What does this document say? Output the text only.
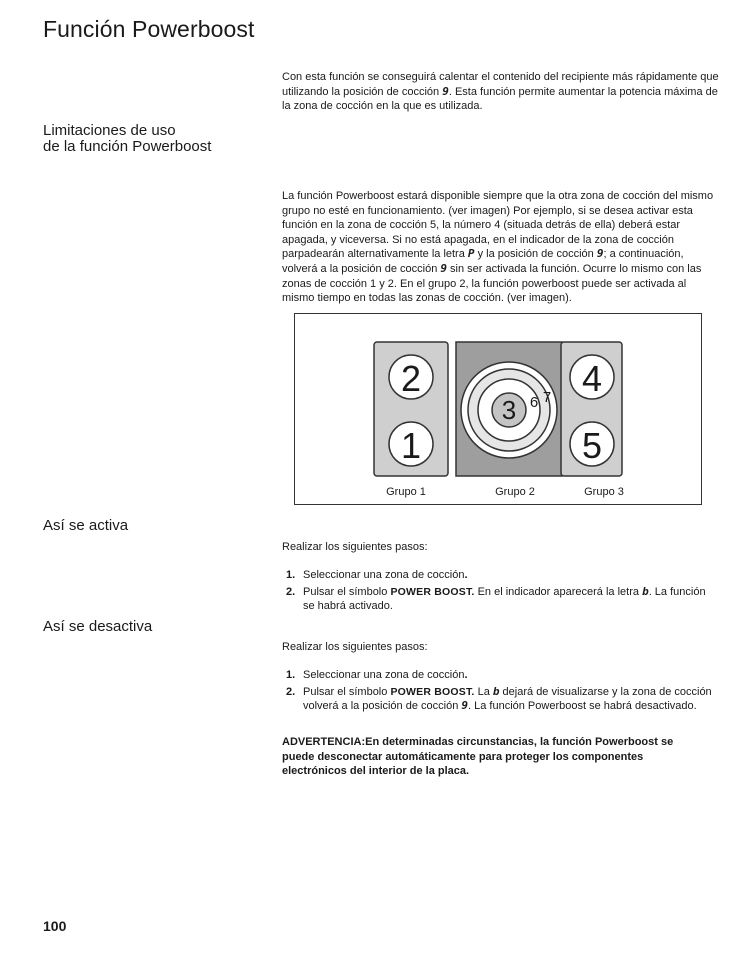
Función Powerboost

Con esta función se conseguirá calentar el contenido del recipiente más rápidamente que utilizando la posición de cocción 9. Esta función permite aumentar la potencia máxima de la zona de cocción en la que es utilizada.

Limitaciones de uso
de la función Powerboost

La función Powerboost estará disponible siempre que la otra zona de cocción del mismo grupo no esté en funcionamiento. (ver imagen) Por ejemplo, si se desea activar esta función en la zona de cocción 5, la número 4 (situada detrás de ella) deberá estar apagada, y viceversa. Si no está apagada, en el indicador de la zona de cocción parpadearán alternativamente la letra P y la posición de cocción 9; a continuación, volverá a la posición de cocción 9 sin ser activada la función. Ocurre lo mismo con las zonas de cocción 1 y 2. En el grupo 2, la función powerboost puede ser activada al mismo tiempo en todas las zonas de cocción. (ver imagen).

2
1
3 6 7 4
5
Grupo 1	Grupo 2	Grupo 3
Así se activa

Realizar los siguientes pasos:

1. Seleccionar una zona de cocción.
2. Pulsar el símbolo POWER BOOST. En el indicador aparecerá la letra b. La función se habrá activado.
Así se desactiva

Realizar los siguientes pasos:

1. Seleccionar una zona de cocción.
2. Pulsar el símbolo POWER BOOST. La b dejará de visualizarse y la zona de cocción volverá a la posición de cocción 9. La función Powerboost se habrá desactivado.

ADVERTENCIA:En determinadas circunstancias, la función Powerboost se puede desconectar automáticamente para proteger los componentes electrónicos del interior de la placa.

100
